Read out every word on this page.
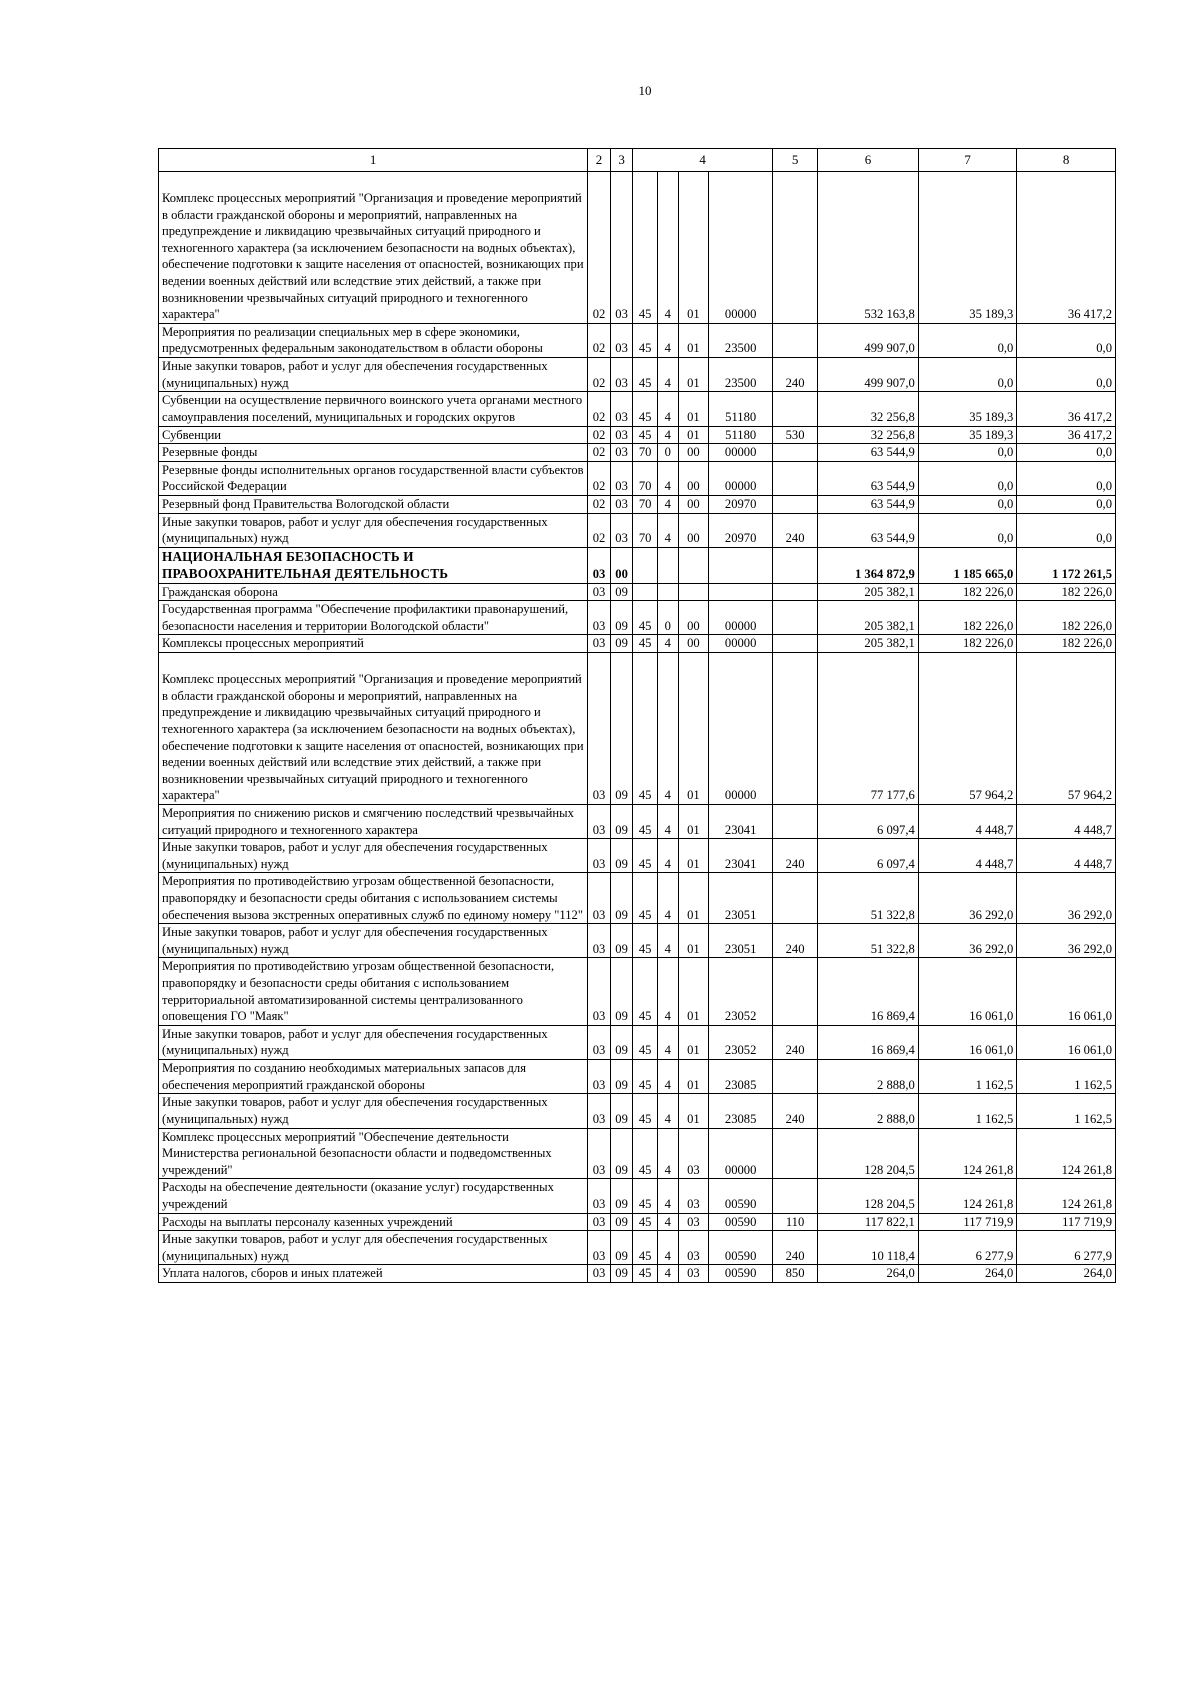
10
1	2	3	4				5	6	7	8

Комплекс процессных мероприятий "Организация и проведение мероприятий в области гражданской обороны и мероприятий, направленных на предупреждение и ликвидацию чрезвычайных ситуаций природного и техногенного характера (за исключением безопасности на водных объектах), обеспечение подготовки к защите населения от опасностей, возникающих при ведении военных действий или вследствие этих действий, а также при возникновении чрезвычайных ситуаций природного и техногенного характера"	02	03	45	4	01	00000		532 163,8	35 189,3	36 417,2
Мероприятия по реализации специальных мер в сфере экономики, предусмотренных федеральным законодательством в области обороны	02	03	45	4	01	23500		499 907,0	0,0	0,0
Иные закупки товаров, работ и услуг для обеспечения государственных (муниципальных) нужд	02	03	45	4	01	23500	240	499 907,0	0,0	0,0
Субвенции на осуществление первичного воинского учета органами местного самоуправления поселений, муниципальных и городских округов	02	03	45	4	01	51180		32 256,8	35 189,3	36 417,2
Субвенции	02	03	45	4	01	51180	530	32 256,8	35 189,3	36 417,2
Резервные фонды	02	03	70	0	00	00000		63 544,9	0,0	0,0
Резервные фонды исполнительных органов государственной власти субъектов Российской Федерации	02	03	70	4	00	00000		63 544,9	0,0	0,0
Резервный фонд Правительства Вологодской области	02	03	70	4	00	20970		63 544,9	0,0	0,0
Иные закупки товаров, работ и услуг для обеспечения государственных (муниципальных) нужд	02	03	70	4	00	20970	240	63 544,9	0,0	0,0
НАЦИОНАЛЬНАЯ БЕЗОПАСНОСТЬ И ПРАВООХРАНИТЕЛЬНАЯ ДЕЯТЕЛЬНОСТЬ	03	00						1 364 872,9	1 185 665,0	1 172 261,5
Гражданская оборона	03	09						205 382,1	182 226,0	182 226,0
Государственная программа "Обеспечение профилактики правонарушений, безопасности населения и территории Вологодской области"	03	09	45	0	00	00000		205 382,1	182 226,0	182 226,0
Комплексы процессных мероприятий	03	09	45	4	00	00000		205 382,1	182 226,0	182 226,0

Комплекс процессных мероприятий "Организация и проведение мероприятий в области гражданской обороны и мероприятий, направленных на предупреждение и ликвидацию чрезвычайных ситуаций природного и техногенного характера (за исключением безопасности на водных объектах), обеспечение подготовки к защите населения от опасностей, возникающих при ведении военных действий или вследствие этих действий, а также при возникновении чрезвычайных ситуаций природного и техногенного характера"	03	09	45	4	01	00000		77 177,6	57 964,2	57 964,2
Мероприятия по снижению рисков и смягчению последствий чрезвычайных ситуаций природного и техногенного характера	03	09	45	4	01	23041		6 097,4	4 448,7	4 448,7
Иные закупки товаров, работ и услуг для обеспечения государственных (муниципальных) нужд	03	09	45	4	01	23041	240	6 097,4	4 448,7	4 448,7
Мероприятия по противодействию угрозам общественной безопасности, правопорядку и безопасности среды обитания с использованием системы обеспечения вызова экстренных оперативных служб по единому номеру "112"	03	09	45	4	01	23051		51 322,8	36 292,0	36 292,0
Иные закупки товаров, работ и услуг для обеспечения государственных (муниципальных) нужд	03	09	45	4	01	23051	240	51 322,8	36 292,0	36 292,0
Мероприятия по противодействию угрозам общественной безопасности, правопорядку и безопасности среды обитания с использованием территориальной автоматизированной системы централизованного оповещения ГО "Маяк"	03	09	45	4	01	23052		16 869,4	16 061,0	16 061,0
Иные закупки товаров, работ и услуг для обеспечения государственных (муниципальных) нужд	03	09	45	4	01	23052	240	16 869,4	16 061,0	16 061,0
Мероприятия по созданию необходимых материальных запасов для обеспечения мероприятий гражданской обороны	03	09	45	4	01	23085		2 888,0	1 162,5	1 162,5
Иные закупки товаров, работ и услуг для обеспечения государственных (муниципальных) нужд	03	09	45	4	01	23085	240	2 888,0	1 162,5	1 162,5
Комплекс процессных мероприятий "Обеспечение деятельности Министерства региональной безопасности области и подведомственных учреждений"	03	09	45	4	03	00000		128 204,5	124 261,8	124 261,8
Расходы на обеспечение деятельности (оказание услуг) государственных учреждений	03	09	45	4	03	00590		128 204,5	124 261,8	124 261,8
Расходы на выплаты персоналу казенных учреждений	03	09	45	4	03	00590	110	117 822,1	117 719,9	117 719,9
Иные закупки товаров, работ и услуг для обеспечения государственных (муниципальных) нужд	03	09	45	4	03	00590	240	10 118,4	6 277,9	6 277,9
Уплата налогов, сборов и иных платежей	03	09	45	4	03	00590	850	264,0	264,0	264,0
